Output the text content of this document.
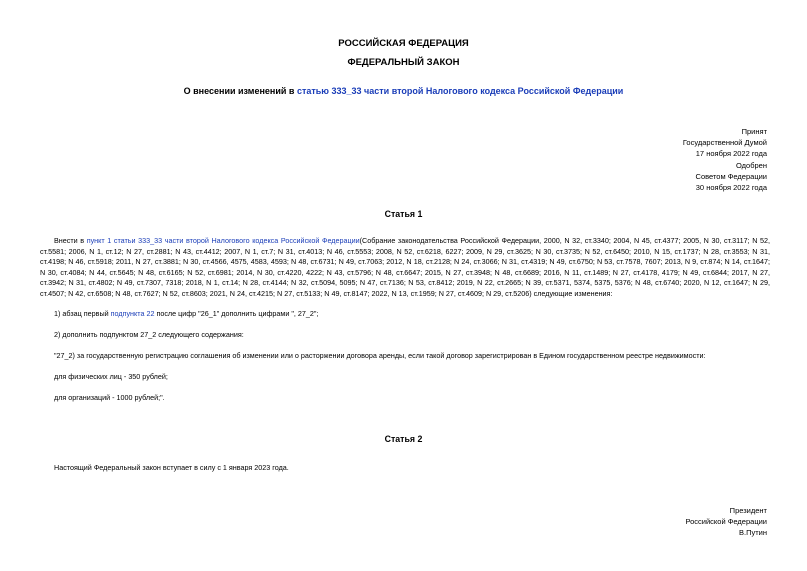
РОССИЙСКАЯ ФЕДЕРАЦИЯ
ФЕДЕРАЛЬНЫЙ ЗАКОН
О внесении изменений в статью 333_33 части второй Налогового кодекса Российской Федерации
Принят
Государственной Думой
17 ноября 2022 года
Одобрен
Советом Федерации
30 ноября 2022 года
Статья 1
Внести в пункт 1 статьи 333_33 части второй Налогового кодекса Российской Федерации(Собрание законодательства Российской Федерации, 2000, N 32, ст.3340; 2004, N 45, ст.4377; 2005, N 30, ст.3117; N 52, ст.5581; 2006, N 1, ст.12; N 27, ст.2881; N 43, ст.4412; 2007, N 1, ст.7; N 31, ст.4013; N 46, ст.5553; 2008, N 52, ст.6218, 6227; 2009, N 29, ст.3625; N 30, ст.3735; N 52, ст.6450; 2010, N 15, ст.1737; N 28, ст.3553; N 31, ст.4198; N 46, ст.5918; 2011, N 27, ст.3881; N 30, ст.4566, 4575, 4583, 4593; N 48, ст.6731; N 49, ст.7063; 2012, N 18, ст.2128; N 24, ст.3066; N 31, ст.4319; N 49, ст.6750; N 53, ст.7578, 7607; 2013, N 9, ст.874; N 14, ст.1647; N 30, ст.4084; N 44, ст.5645; N 48, ст.6165; N 52, ст.6981; 2014, N 30, ст.4220, 4222; N 43, ст.5796; N 48, ст.6647; 2015, N 27, ст.3948; N 48, ст.6689; 2016, N 11, ст.1489; N 27, ст.4178, 4179; N 49, ст.6844; 2017, N 27, ст.3942; N 31, ст.4802; N 49, ст.7307, 7318; 2018, N 1, ст.14; N 28, ст.4144; N 32, ст.5094, 5095; N 47, ст.7136; N 53, ст.8412; 2019, N 22, ст.2665; N 39, ст.5371, 5374, 5375, 5376; N 48, ст.6740; 2020, N 12, ст.1647; N 29, ст.4507; N 42, ст.6508; N 48, ст.7627; N 52, ст.8603; 2021, N 24, ст.4215; N 27, ст.5133; N 49, ст.8147; 2022, N 13, ст.1959; N 27, ст.4609; N 29, ст.5206) следующие изменения:
1) абзац первый подпункта 22 после цифр "26_1" дополнить цифрами ", 27_2";
2) дополнить подпунктом 27_2 следующего содержания:
"27_2) за государственную регистрацию соглашения об изменении или о расторжении договора аренды, если такой договор зарегистрирован в Едином государственном реестре недвижимости:
для физических лиц - 350 рублей;
для организаций - 1000 рублей;".
Статья 2
Настоящий Федеральный закон вступает в силу с 1 января 2023 года.
Президент
Российской Федерации
В.Путин
